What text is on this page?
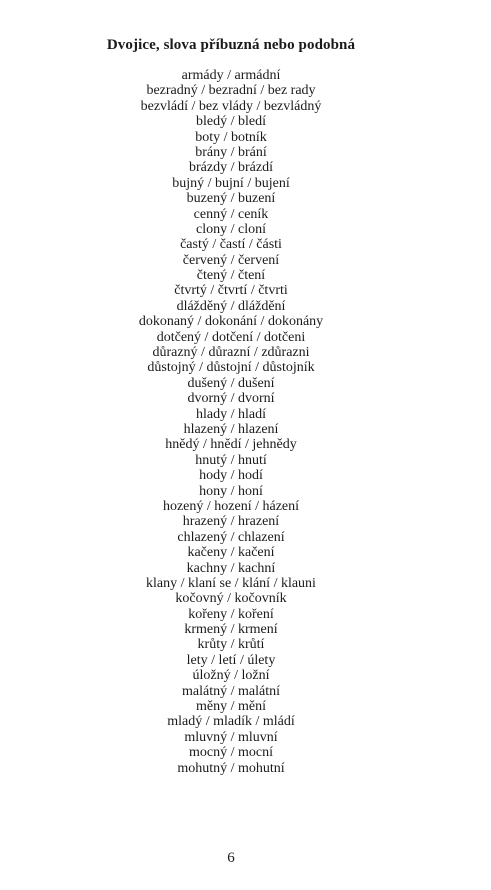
Dvojice, slova příbuzná nebo podobná
armády / armádní
bezradný / bezradní / bez rady
bezvládí / bez vlády / bezvládný
bledý / bledí
boty / botník
brány / brání
brázdy / brázdí
bujný / bujní / bujení
buzený / buzení
cenný / ceník
clony / cloní
častý / častí / části
červený / červení
čtený / čtení
čtvrtý / čtvrtí / čtvrti
dlážděný / dláždění
dokonaný / dokonání / dokonány
dotčený / dotčení / dotčeni
důrazný / důrazní / zdůrazni
důstojný / důstojní / důstojník
dušený / dušení
dvorný / dvorní
hlady / hladí
hlazený / hlazení
hnědý / hnědí / jehnědy
hnutý / hnutí
hody / hodí
hony / honí
hozený / hození / házení
hrazený / hrazení
chlazený / chlazení
kačeny / kačení
kachny / kachní
klany / klaní se / klání / klauni
kočovný / kočovník
kořeny / koření
krmený / krmení
krůty / krůtí
lety / letí / úlety
úložný / ložní
malátný / malátní
měny / mění
mladý / mladík / mládí
mluvný / mluvní
mocný / mocní
mohutný / mohutní
6
